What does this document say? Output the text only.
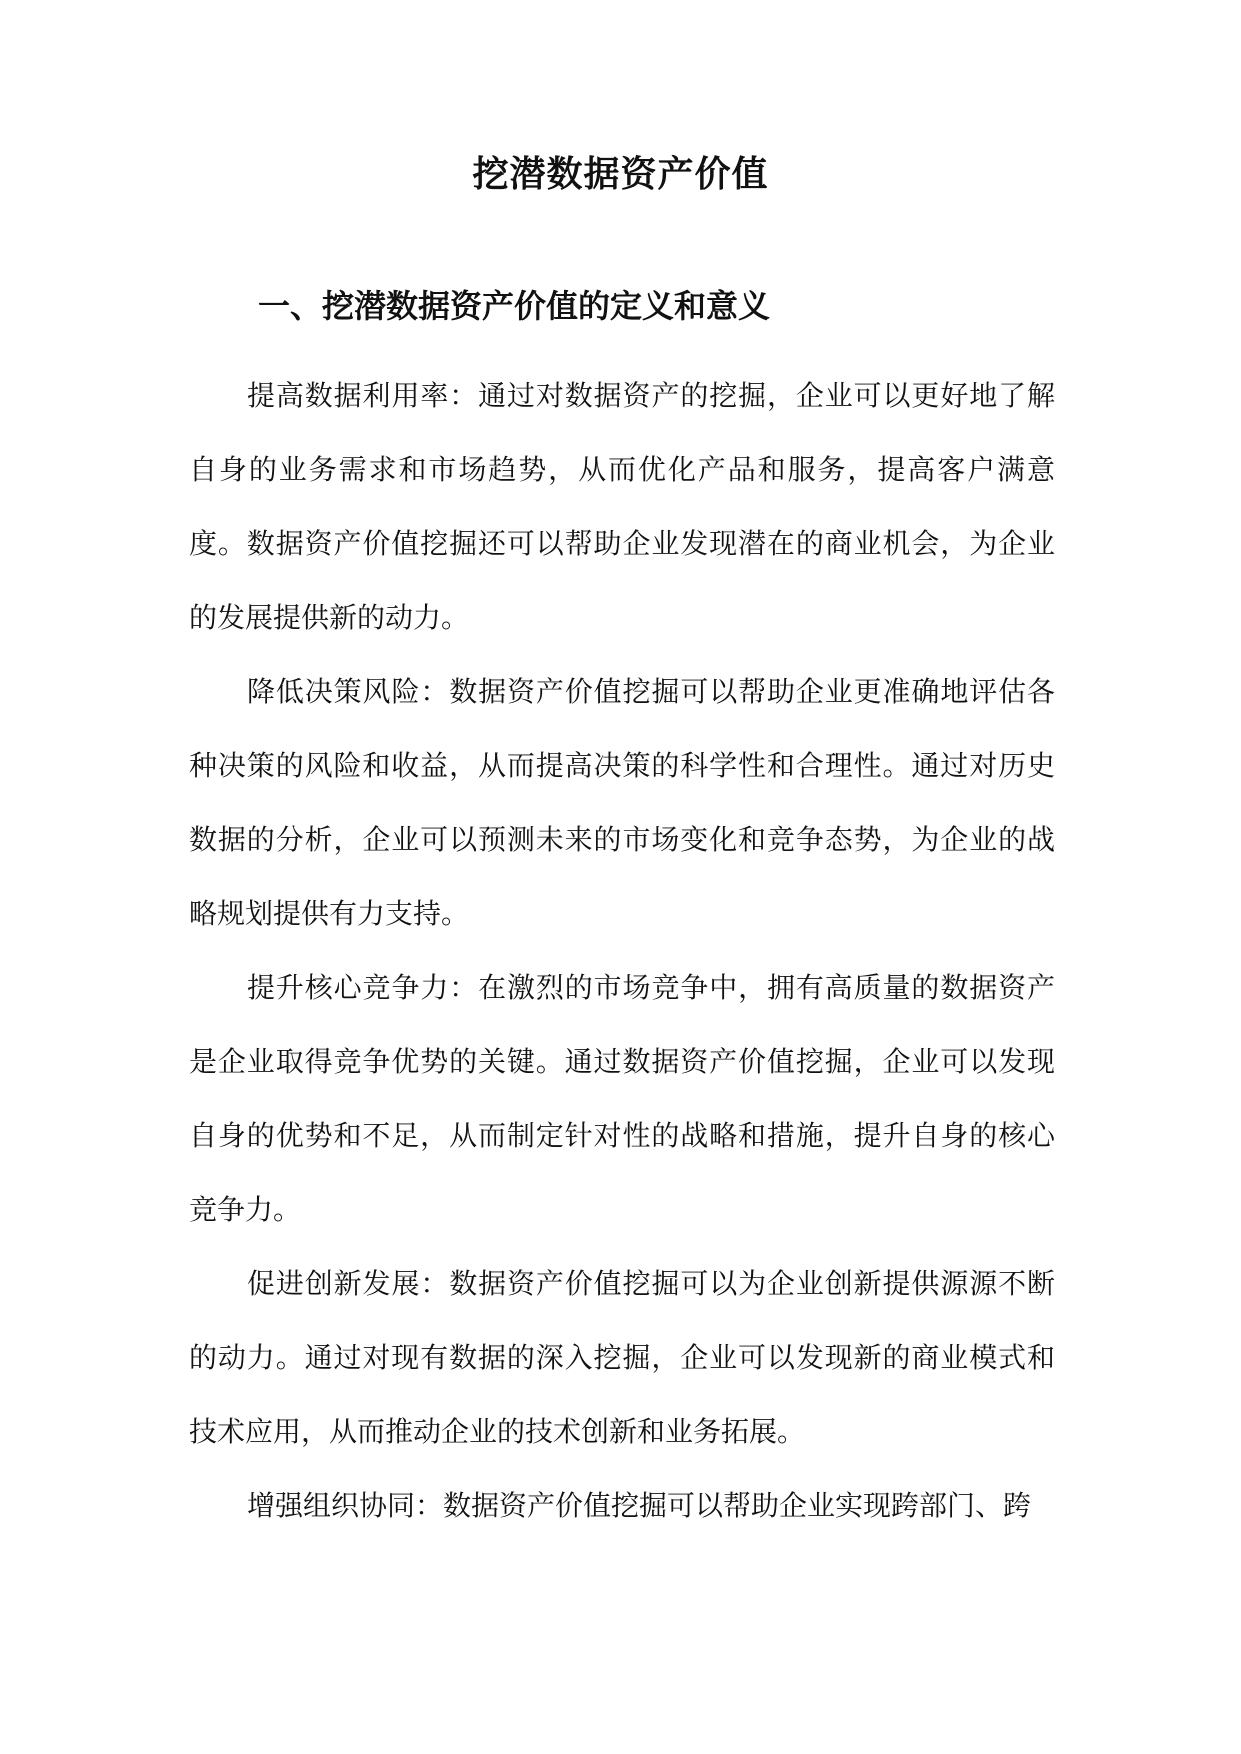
挖潜数据资产价值
一、挖潜数据资产价值的定义和意义

提高数据利用率：通过对数据资产的挖掘，企业可以更好地了解自身的业务需求和市场趋势，从而优化产品和服务，提高客户满意度。数据资产价值挖掘还可以帮助企业发现潜在的商业机会，为企业的发展提供新的动力。

降低决策风险：数据资产价值挖掘可以帮助企业更准确地评估各种决策的风险和收益，从而提高决策的科学性和合理性。通过对历史数据的分析，企业可以预测未来的市场变化和竞争态势，为企业的战略规划提供有力支持。

提升核心竞争力：在激烈的市场竞争中，拥有高质量的数据资产是企业取得竞争优势的关键。通过数据资产价值挖掘，企业可以发现自身的优势和不足，从而制定针对性的战略和措施，提升自身的核心竞争力。

促进创新发展：数据资产价值挖掘可以为企业创新提供源源不断的动力。通过对现有数据的深入挖掘，企业可以发现新的商业模式和技术应用，从而推动企业的技术创新和业务拓展。

增强组织协同：数据资产价值挖掘可以帮助企业实现跨部门、跨
